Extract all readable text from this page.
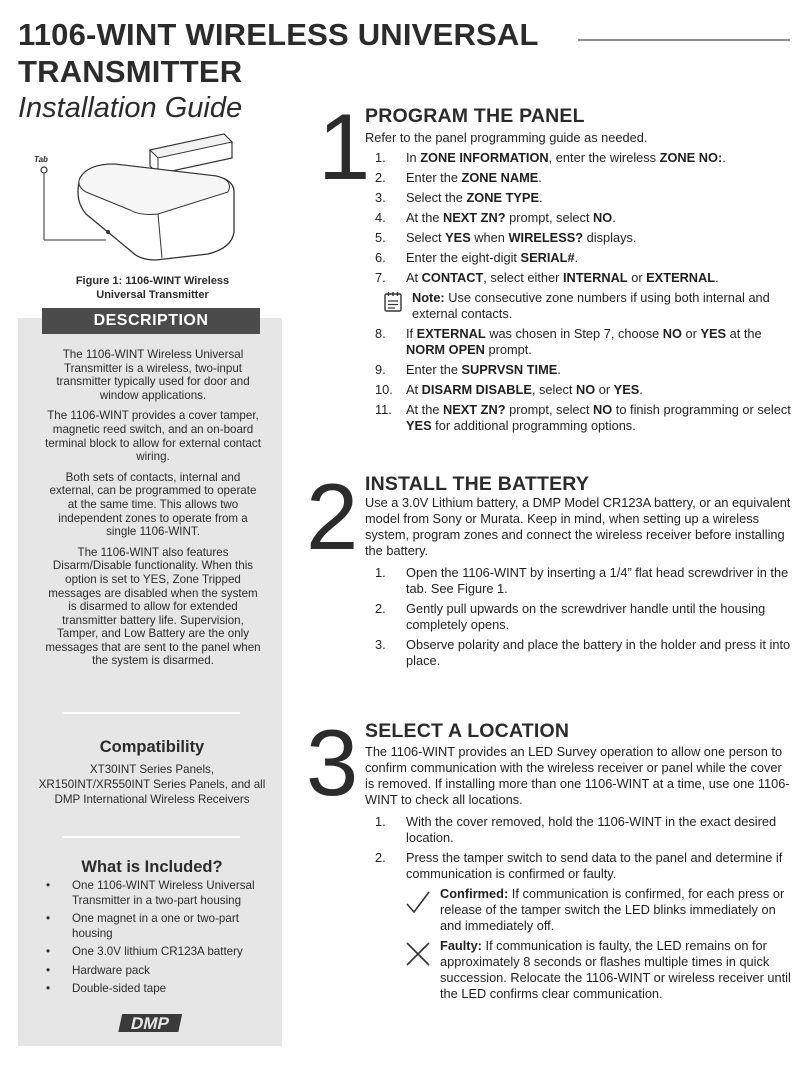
1106-WINT WIRELESS UNIVERSAL
TRANSMITTER
Installation Guide
Tab
Figure 1: 1106-WINT Wireless
Universal Transmitter
DESCRIPTION

The 1106-WINT Wireless Universal Transmitter is a wireless, two-input transmitter typically used for door and window applications.

The 1106-WINT provides a cover tamper, magnetic reed switch, and an on-board terminal block to allow for external contact wiring.

Both sets of contacts, internal and external, can be programmed to operate at the same time. This allows two independent zones to operate from a single 1106-WINT.

The 1106-WINT also features Disarm/Disable functionality. When this option is set to YES, Zone Tripped messages are disabled when the system is disarmed to allow for extended transmitter battery life. Supervision, Tamper, and Low Battery are the only messages that are sent to the panel when the system is disarmed.

Compatibility
XT30INT Series Panels, XR150INT/XR550INT Series Panels, and all DMP International Wireless Receivers
What is Included?
• One 1106-WINT Wireless Universal Transmitter in a two-part housing
• One magnet in a one or two-part housing
• One 3.0V lithium CR123A battery
• Hardware pack
• Double-sided tape
DMP
1
PROGRAM THE PANEL
Refer to the panel programming guide as needed.
1.	In ZONE INFORMATION, enter the wireless ZONE NO:.
2.	Enter the ZONE NAME.
3.	Select the ZONE TYPE.
4.	At the NEXT ZN? prompt, select NO.
5.	Select YES when WIRELESS? displays.
6.	Enter the eight-digit SERIAL#.
7.	At CONTACT, select either INTERNAL or EXTERNAL.
Note: Use consecutive zone numbers if using both internal and external contacts.
8.	If EXTERNAL was chosen in Step 7, choose NO or YES at the NORM OPEN prompt.
9.	Enter the SUPRVSN TIME.
10.	At DISARM DISABLE, select NO or YES.
11.	At the NEXT ZN? prompt, select NO to finish programming or select YES for additional programming options.
2 INSTALL THE BATTERY
Use a 3.0V Lithium battery, a DMP Model CR123A battery, or an equivalent model from Sony or Murata. Keep in mind, when setting up a wireless system, program zones and connect the wireless receiver before installing the battery.
1.	Open the 1106-WINT by inserting a 1/4” flat head screwdriver in the tab. See Figure 1.
2.	Gently pull upwards on the screwdriver handle until the housing completely opens.
3.	Observe polarity and place the battery in the holder and press it into place.
3 SELECT A LOCATION
The 1106-WINT provides an LED Survey operation to allow one person to confirm communication with the wireless receiver or panel while the cover is removed. If installing more than one 1106-WINT at a time, use one 1106-WINT to check all locations.
1.	With the cover removed, hold the 1106-WINT in the exact desired location.
2.	Press the tamper switch to send data to the panel and determine if communication is confirmed or faulty.
Confirmed: If communication is confirmed, for each press or release of the tamper switch the LED blinks immediately on and immediately off.
Faulty: If communication is faulty, the LED remains on for approximately 8 seconds or flashes multiple times in quick succession. Relocate the 1106-WINT or wireless receiver until the LED confirms clear communication.
